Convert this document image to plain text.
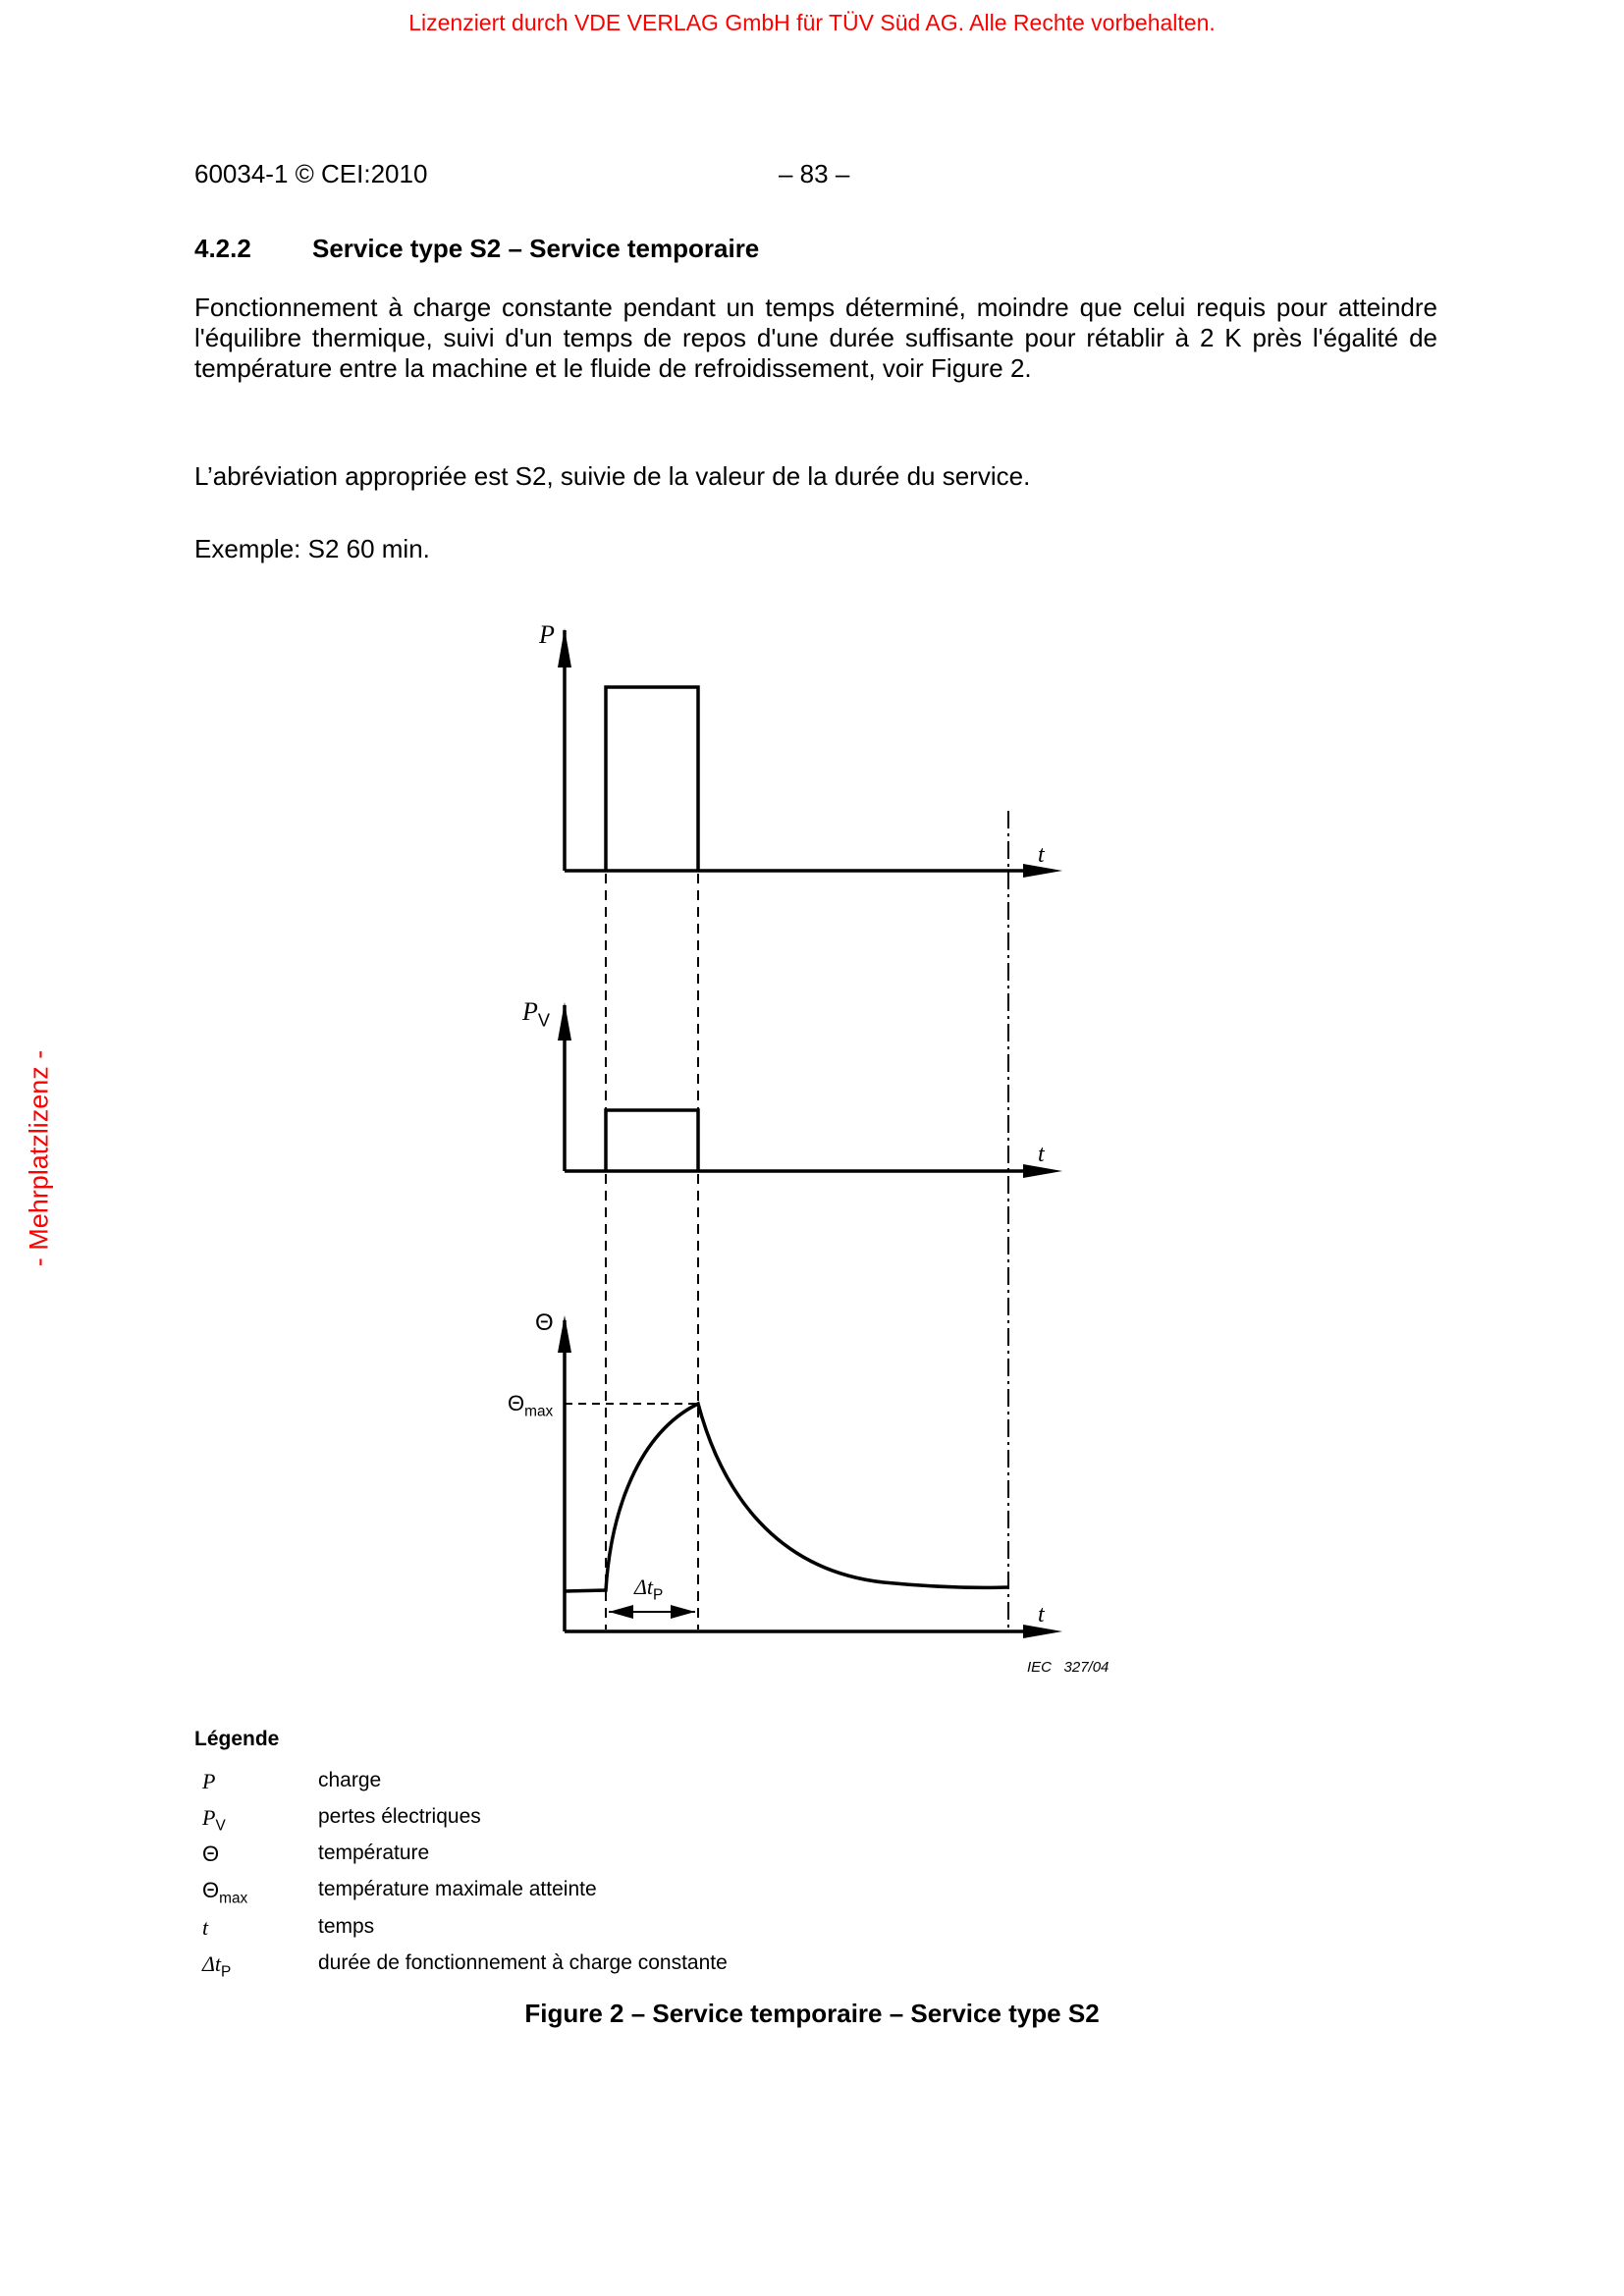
Lizenziert durch VDE VERLAG GmbH für TÜV Süd AG. Alle Rechte vorbehalten.
- Mehrplatzlizenz -
60034-1 © CEI:2010	– 83 –
4.2.2 Service type S2 – Service temporaire
Fonctionnement à charge constante pendant un temps déterminé, moindre que celui requis pour atteindre l'équilibre thermique, suivi d'un temps de repos d'une durée suffisante pour rétablir à 2 K près l'égalité de température entre la machine et le fluide de refroidissement, voir Figure 2.
L’abréviation appropriée est S2, suivie de la valeur de la durée du service.
Exemple: S2 60 min.
P
t
$P_V$
t
Θ
$\Theta_{max}$
t
$\Delta t_P$
IEC   327/04
Légende
P	charge
$P_V$	pertes électriques
Θ	température
$\Theta_{max}$	température maximale atteinte
t	temps
$\Delta t_P$	durée de fonctionnement à charge constante
Figure 2 – Service temporaire – Service type S2
